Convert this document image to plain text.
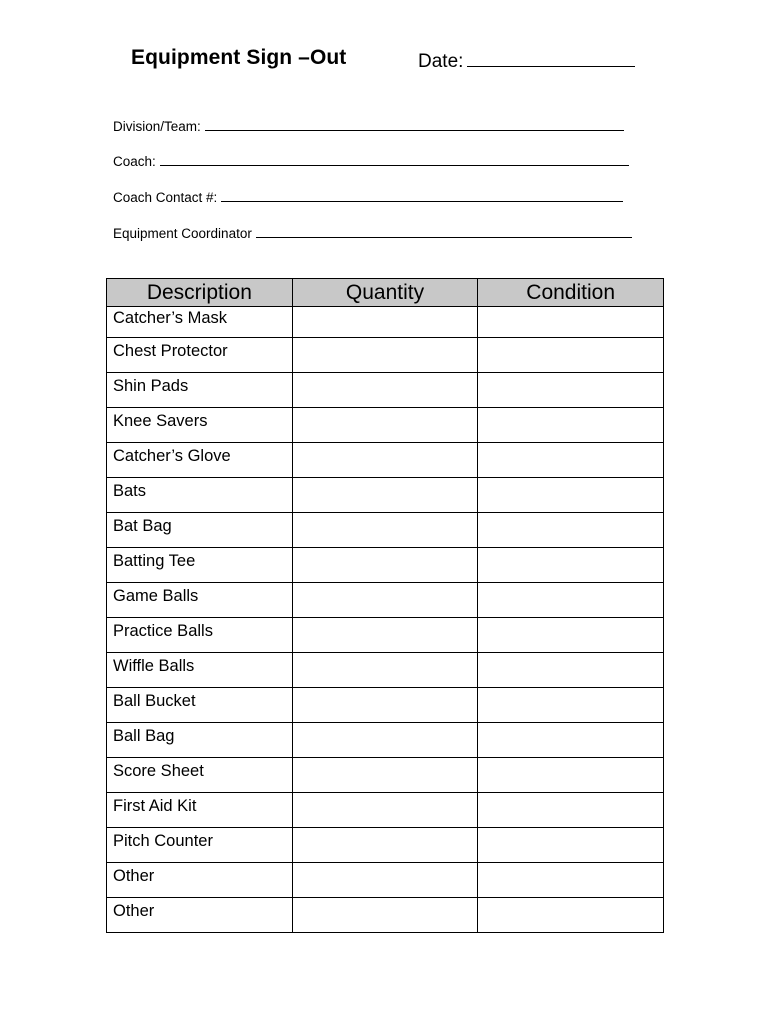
Equipment Sign –Out	Date:
Division/Team:
Coach:
Coach Contact #:
Equipment Coordinator
Description	Quantity	Condition
Catcher’s Mask		
Chest Protector		
Shin Pads		
Knee Savers		
Catcher’s Glove		
Bats		
Bat Bag		
Batting Tee		
Game Balls		
Practice Balls		
Wiffle Balls		
Ball Bucket		
Ball Bag		
Score Sheet		
First Aid Kit		
Pitch Counter		
Other		
Other		
